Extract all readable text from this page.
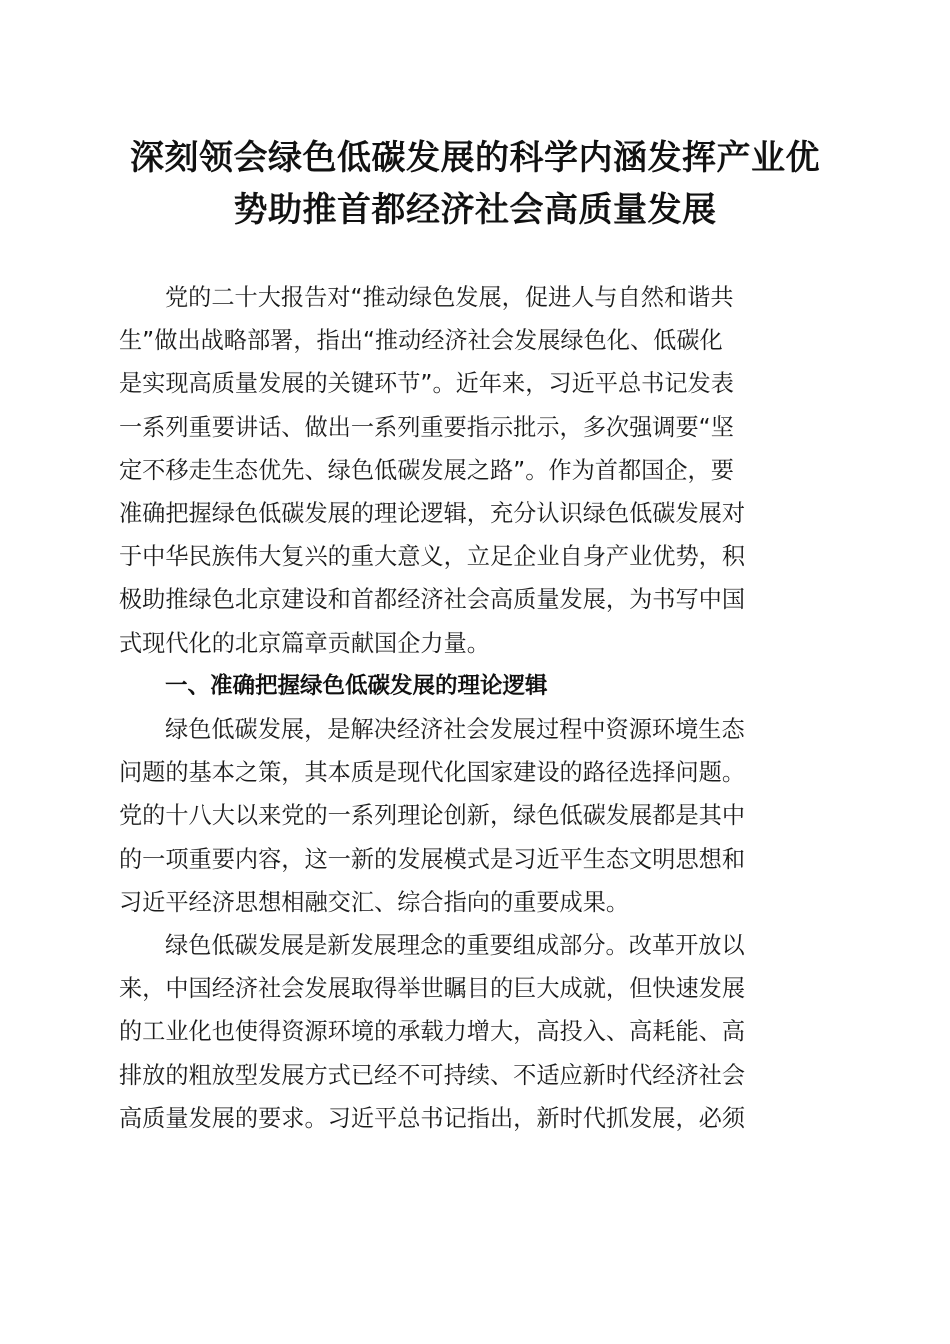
深刻领会绿色低碳发展的科学内涵发挥产业优
势助推首都经济社会高质量发展

党的二十大报告对“推动绿色发展，促进人与自然和谐共
生”做出战略部署，指出“推动经济社会发展绿色化、低碳化
是实现高质量发展的关键环节”。近年来，习近平总书记发表
一系列重要讲话、做出一系列重要指示批示，多次强调要“坚
定不移走生态优先、绿色低碳发展之路”。作为首都国企，要
准确把握绿色低碳发展的理论逻辑，充分认识绿色低碳发展对
于中华民族伟大复兴的重大意义，立足企业自身产业优势，积
极助推绿色北京建设和首都经济社会高质量发展，为书写中国
式现代化的北京篇章贡献国企力量。

一、准确把握绿色低碳发展的理论逻辑

绿色低碳发展，是解决经济社会发展过程中资源环境生态
问题的基本之策，其本质是现代化国家建设的路径选择问题。
党的十八大以来党的一系列理论创新，绿色低碳发展都是其中
的一项重要内容，这一新的发展模式是习近平生态文明思想和
习近平经济思想相融交汇、综合指向的重要成果。

绿色低碳发展是新发展理念的重要组成部分。改革开放以
来，中国经济社会发展取得举世瞩目的巨大成就，但快速发展
的工业化也使得资源环境的承载力增大，高投入、高耗能、高
排放的粗放型发展方式已经不可持续、不适应新时代经济社会
高质量发展的要求。习近平总书记指出，新时代抓发展，必须
